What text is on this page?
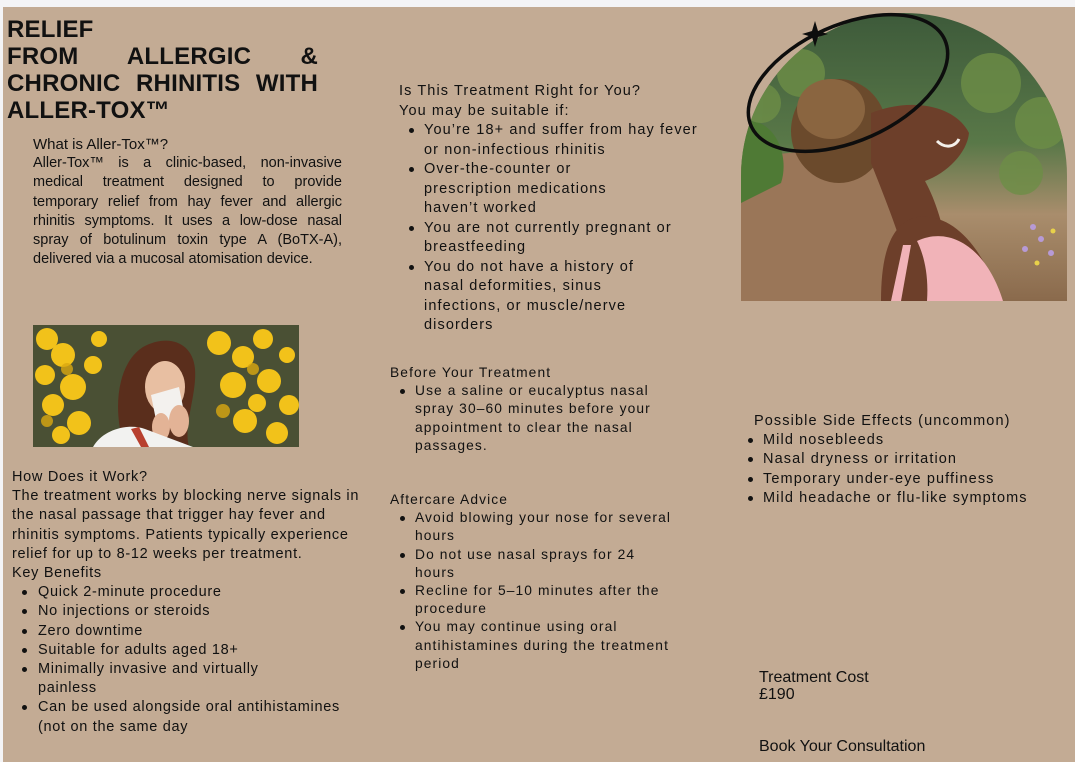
RELIEF
FROM ALLERGIC &
CHRONIC RHINITIS WITH
ALLER-TOX™
What is Aller-Tox™?
Aller-Tox™ is a clinic-based, non-invasive medical treatment designed to provide temporary relief from hay fever and allergic rhinitis symptoms. It uses a low-dose nasal spray of botulinum toxin type A (BoTX-A), delivered via a mucosal atomisation device.
How Does it Work?
The treatment works by blocking nerve signals in the nasal passage that trigger hay fever and rhinitis symptoms. Patients typically experience relief for up to 8-12 weeks per treatment.
Key Benefits
Quick 2-minute procedure
No injections or steroids
Zero downtime
Suitable for adults aged 18+
Minimally invasive and virtually painless
Can be used alongside oral antihistamines (not on the same day
Is This Treatment Right for You?
You may be suitable if:
You’re 18+ and suffer from hay fever or non-infectious rhinitis
Over-the-counter or prescription medications haven’t worked
You are not currently pregnant or breastfeeding
You do not have a history of nasal deformities, sinus infections, or muscle/nerve disorders
Before Your Treatment
Use a saline or eucalyptus nasal spray 30–60 minutes before your appointment to clear the nasal passages.
Aftercare Advice
Avoid blowing your nose for several hours
Do not use nasal sprays for 24 hours
Recline for 5–10 minutes after the procedure
You may continue using oral antihistamines during the treatment period
Possible Side Effects (uncommon)
Mild nosebleeds
Nasal dryness or irritation
Temporary under-eye puffiness
Mild headache or flu-like symptoms
Treatment Cost
£190
Book Your Consultation
